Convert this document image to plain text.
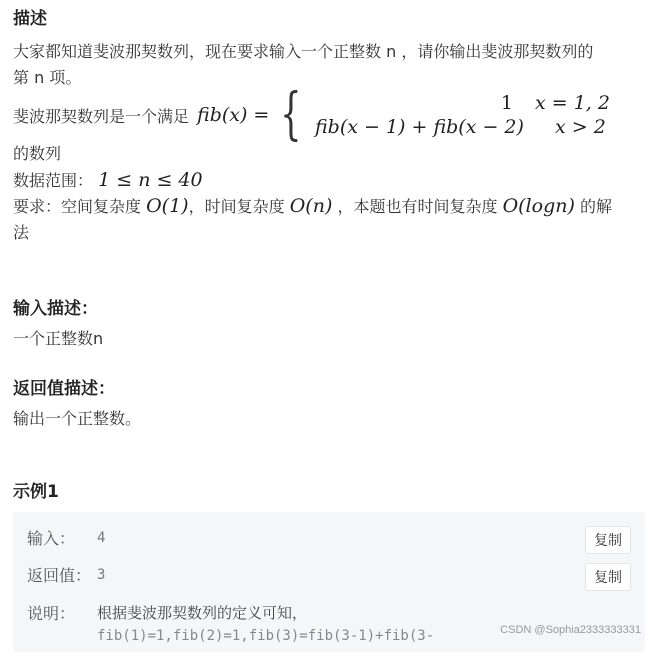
描述
大家都知道斐波那契数列，现在要求输入一个正整数 n ，请你输出斐波那契数列的
第 n 项。
斐波那契数列是一个满足 fib(x) = {	1	x = 1, 2
fib(x − 1) + fib(x − 2)	x > 2
的数列
数据范围： 1 ≤ n ≤ 40
要求：空间复杂度 O(1)，时间复杂度 O(n) ，本题也有时间复杂度 O(logn) 的解
法
输入描述：
一个正整数n
返回值描述：
输出一个正整数。
示例1
输入：	4	复制
返回值： 3	复制
说明：	根据斐波那契数列的定义可知，
fib(1)=1,fib(2)=1,fib(3)=fib(3-1)+fib(3-	CSDN @Sophia2333333331
